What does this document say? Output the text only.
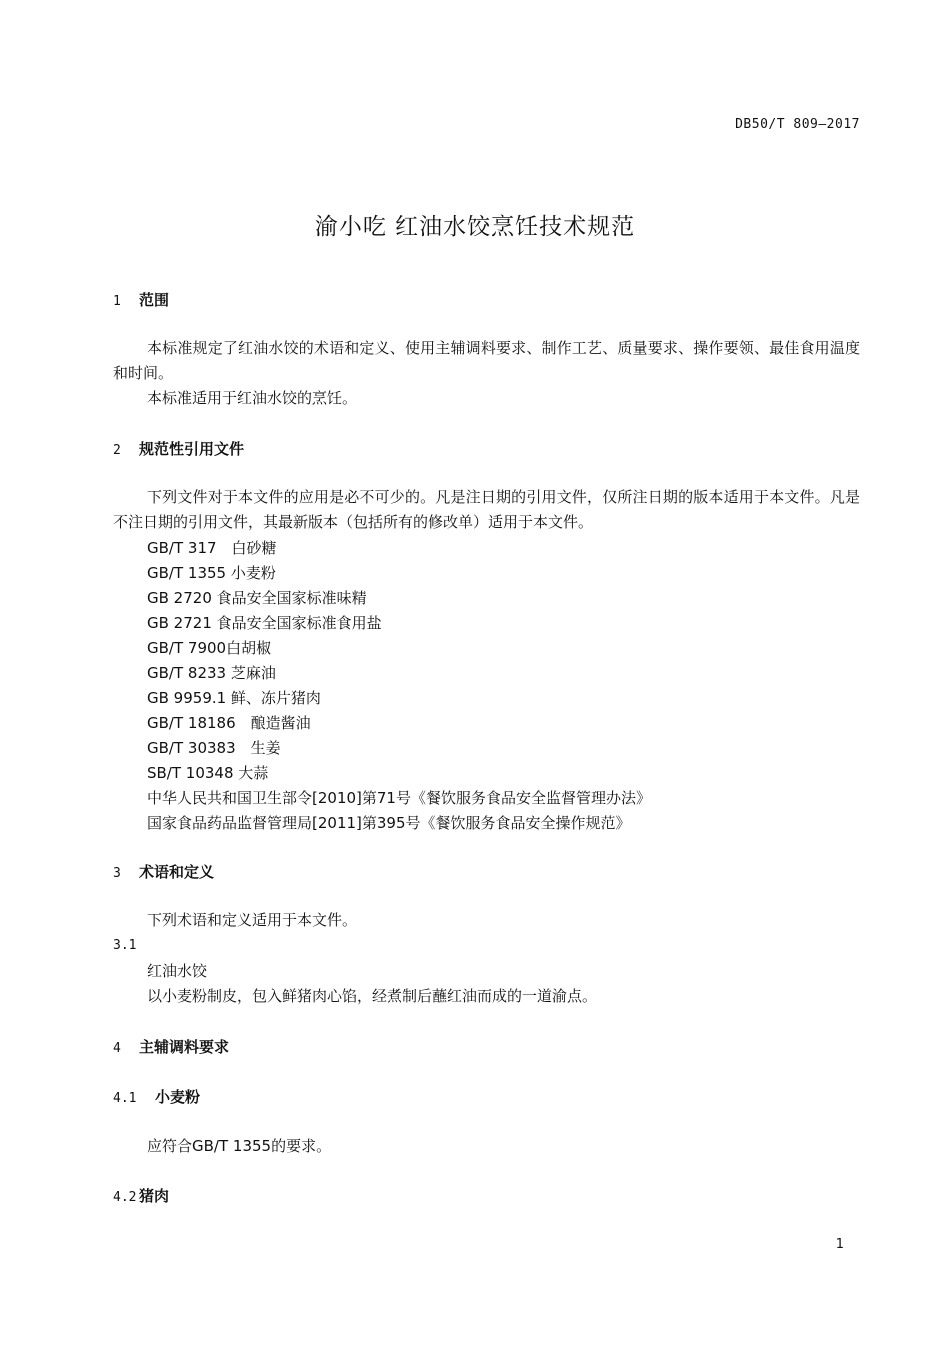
DB50/T 809—2017
渝小吃 红油水饺烹饪技术规范
1 范围
本标准规定了红油水饺的术语和定义、使用主辅调料要求、制作工艺、质量要求、操作要领、最佳食用温度和时间。
本标准适用于红油水饺的烹饪。
2 规范性引用文件
下列文件对于本文件的应用是必不可少的。凡是注日期的引用文件，仅所注日期的版本适用于本文件。凡是不注日期的引用文件，其最新版本（包括所有的修改单）适用于本文件。
GB/T 317　白砂糖
GB/T 1355 小麦粉
GB 2720 食品安全国家标准味精
GB 2721 食品安全国家标准食用盐
GB/T 7900白胡椒
GB/T 8233 芝麻油
GB 9959.1 鲜、冻片猪肉
GB/T 18186　酿造酱油
GB/T 30383　生姜
SB/T 10348 大蒜
中华人民共和国卫生部令[2010]第71号《餐饮服务食品安全监督管理办法》
国家食品药品监督管理局[2011]第395号《餐饮服务食品安全操作规范》
3 术语和定义
下列术语和定义适用于本文件。
3.1
红油水饺
以小麦粉制皮，包入鲜猪肉心馅，经煮制后蘸红油而成的一道渝点。
4 主辅调料要求
4.1 小麦粉
应符合GB/T 1355的要求。
4.2 猪肉
1
